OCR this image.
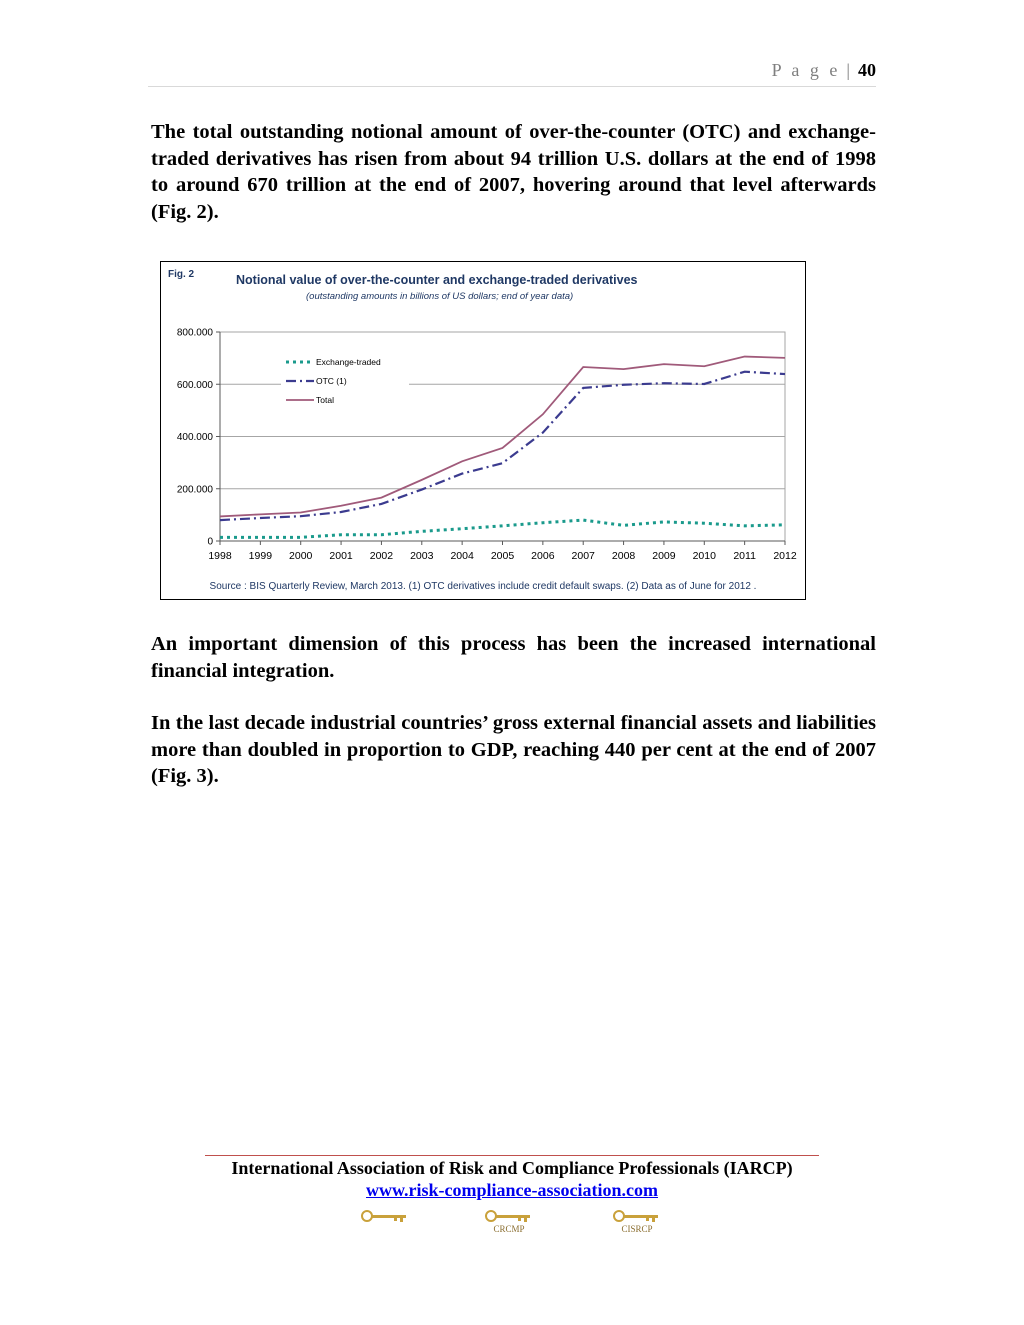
P a g e | 40

The total outstanding notional amount of over-the-counter (OTC) and exchange-traded derivatives has risen from about 94 trillion U.S. dollars at the end of 1998 to around 670 trillion at the end of 2007, hovering around that level afterwards (Fig. 2).

Fig. 2	Notional value of over-the-counter and exchange-traded derivatives
(outstanding amounts in billions of US dollars; end of year data)
0
200.000
400.000
600.000
800.000
1998 1999 2000 2001 2002 2003 2004 2005 2006 2007 2008 2009 2010 2011 2012
Exchange-traded
OTC (1)
Total
Source : BIS Quarterly Review, March 2013. (1) OTC derivatives include credit default swaps. (2) Data as of June for 2012 .

An important dimension of this process has been the increased international financial integration.

In the last decade industrial countries’ gross external financial assets and liabilities more than doubled in proportion to GDP, reaching 440 per cent at the end of 2007 (Fig. 3).

International Association of Risk and Compliance Professionals (IARCP)
www.risk-compliance-association.com
CRCMP	CISRCP
